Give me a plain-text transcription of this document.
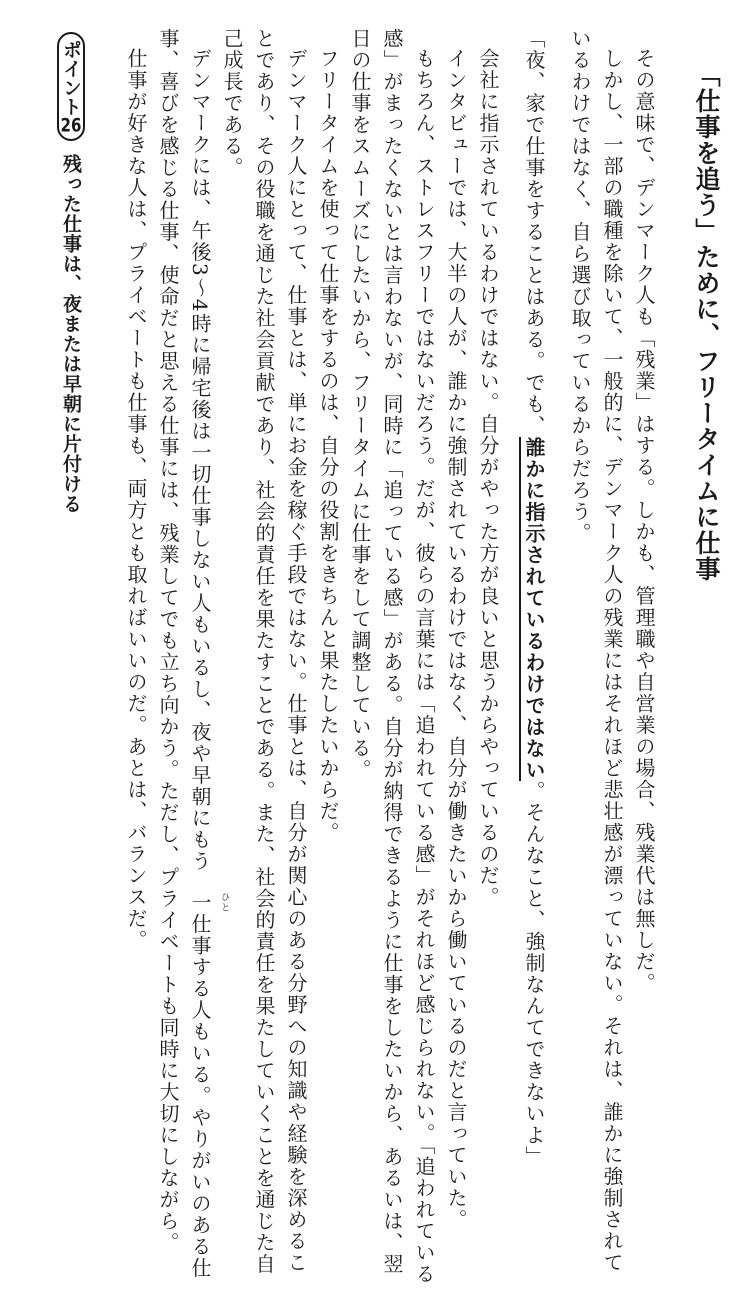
「仕事を追う」ために、フリータイムに仕事

その意味で、デンマーク人も「残業」はする。しかも、管理職や自営業の場合、残業代は無しだ。

しかし、一部の職種を除いて、一般的に、デンマーク人の残業にはそれほど悲壮感が漂っていない。それは、誰かに強制されているわけではなく、自ら選び取っているからだろう。

「夜、家で仕事をすることはある。でも、誰かに指示されているわけではない。そんなこと、強制なんてできないよ」

会社に指示されているわけではない。自分がやった方が良いと思うからやっているのだ。

インタビューでは、大半の人が、誰かに強制されているわけではなく、自分が働きたいから働いているのだと言っていた。

もちろん、ストレスフリーではないだろう。だが、彼らの言葉には「追われている感」がそれほど感じられない。「追われている感」がまったくないとは言わないが、同時に「追っている感」がある。自分が納得できるように仕事をしたいから、あるいは、翌日の仕事をスムーズにしたいから、フリータイムに仕事をして調整している。

フリータイムを使って仕事をするのは、自分の役割をきちんと果たしたいからだ。

デンマーク人にとって、仕事とは、単にお金を稼ぐ手段ではない。仕事とは、自分が関心のある分野への知識や経験を深めることであり、その役職を通じた社会貢献であり、社会的責任を果たすことである。また、社会的責任を果たしていくことを通じた自己成長である。

デンマークには、午後3～4時に帰宅後は一切仕事しない人もいるし、夜や早朝にもう一 ひと
仕事する人もいる。やりがいのある仕事、喜びを感じる仕事、使命だと思える仕事には、残業してでも立ち向かう。ただし、プライベートも同時に大切にしながら。

仕事が好きな人は、プライベートも仕事も、両方とも取ればいいのだ。あとは、バランスだ。

ポイント26 残った仕事は、夜または早朝に片付ける
